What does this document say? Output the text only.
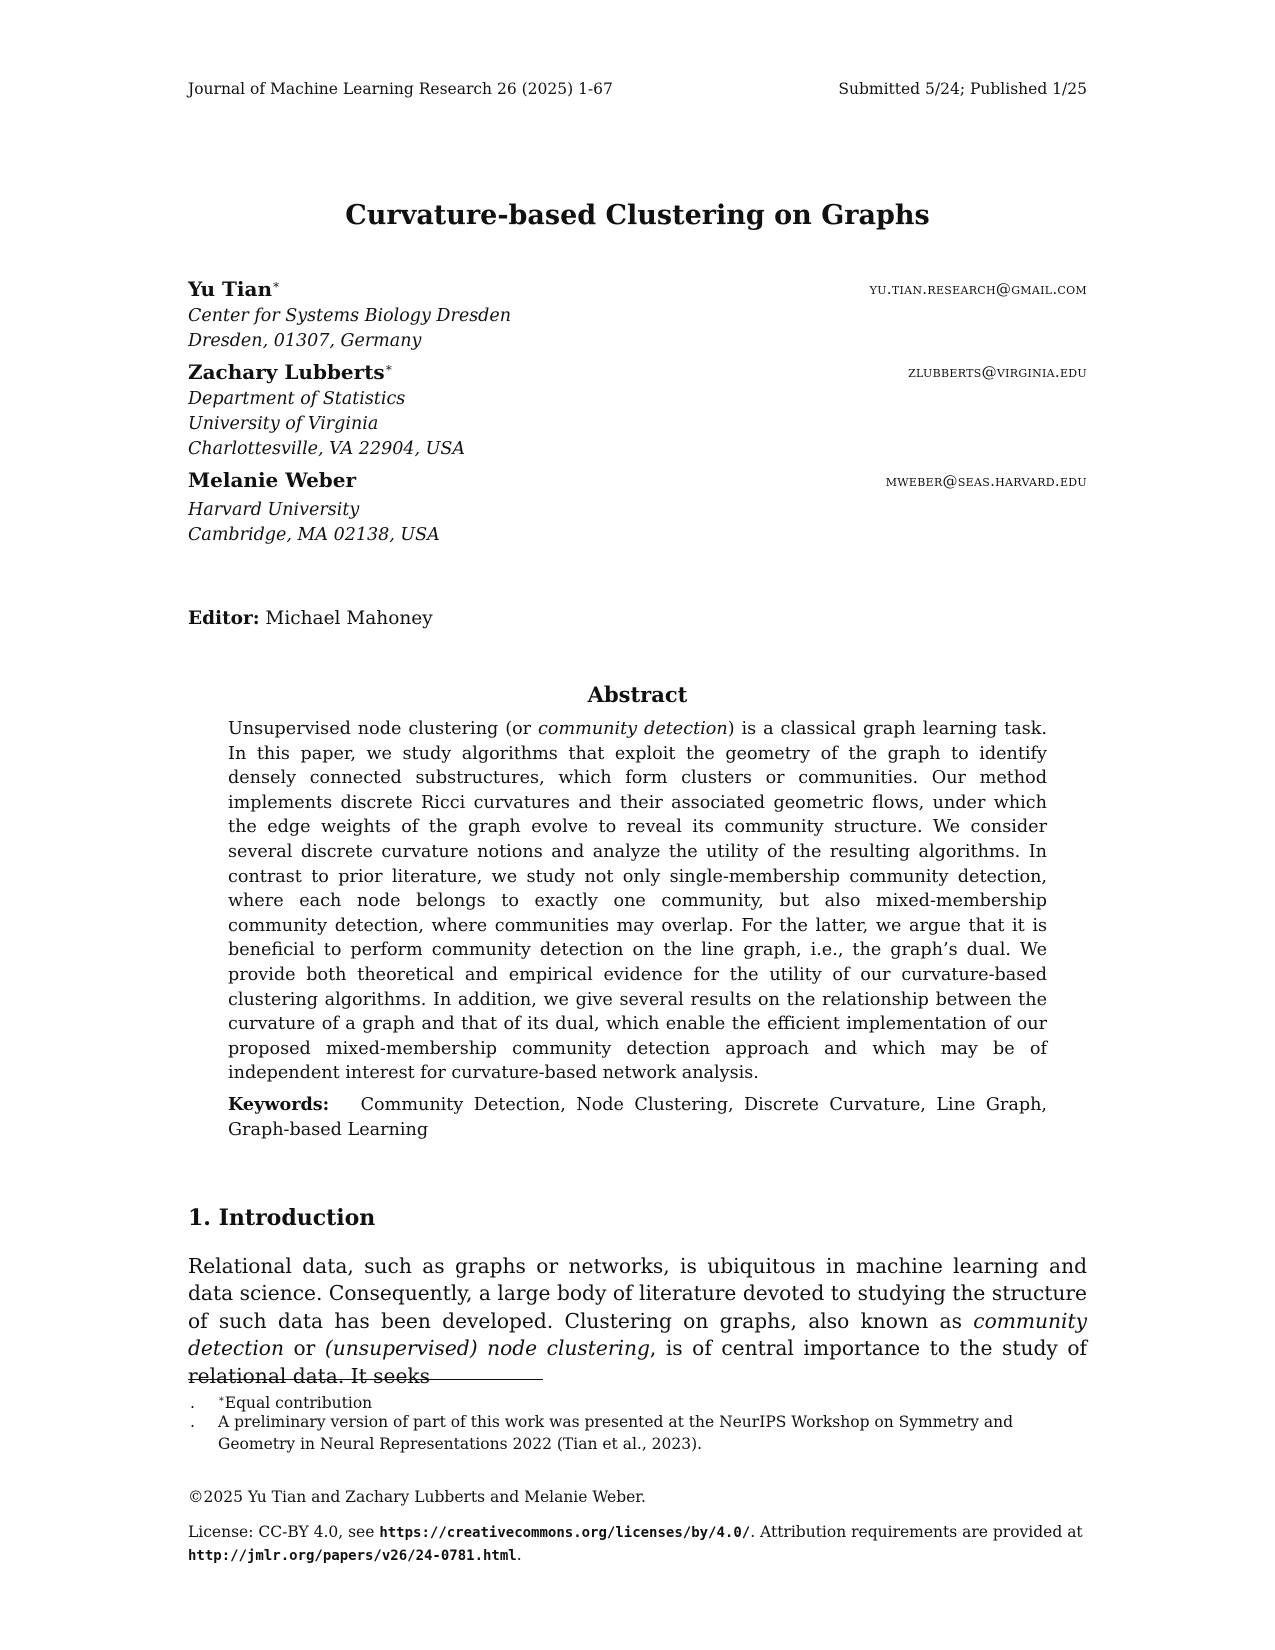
Journal of Machine Learning Research 26 (2025) 1-67	Submitted 5/24; Published 1/25
Curvature-based Clustering on Graphs
Yu Tian∗	yu.tian.research@gmail.com
Center for Systems Biology Dresden
Dresden, 01307, Germany
Zachary Lubberts∗	zlubberts@virginia.edu
Department of Statistics
University of Virginia
Charlottesville, VA 22904, USA
Melanie Weber	mweber@seas.harvard.edu
Harvard University
Cambridge, MA 02138, USA
Editor: Michael Mahoney
Abstract

Unsupervised node clustering (or community detection) is a classical graph learning task. In this paper, we study algorithms that exploit the geometry of the graph to identify densely connected substructures, which form clusters or communities. Our method implements discrete Ricci curvatures and their associated geometric flows, under which the edge weights of the graph evolve to reveal its community structure. We consider several discrete curvature notions and analyze the utility of the resulting algorithms. In contrast to prior literature, we study not only single-membership community detection, where each node belongs to exactly one community, but also mixed-membership community detection, where communities may overlap. For the latter, we argue that it is beneficial to perform community detection on the line graph, i.e., the graph’s dual. We provide both theoretical and empirical evidence for the utility of our curvature-based clustering algorithms. In addition, we give several results on the relationship between the curvature of a graph and that of its dual, which enable the efficient implementation of our proposed mixed-membership community detection approach and which may be of independent interest for curvature-based network analysis.

Keywords: Community Detection, Node Clustering, Discrete Curvature, Line Graph, Graph-based Learning

1. Introduction

Relational data, such as graphs or networks, is ubiquitous in machine learning and data science. Consequently, a large body of literature devoted to studying the structure of such data has been developed. Clustering on graphs, also known as community detection or (unsupervised) node clustering, is of central importance to the study of relational data. It seeks

. ∗Equal contribution

.	A preliminary version of part of this work was presented at the NeurIPS Workshop on Symmetry and Geometry in Neural Representations 2022 (Tian et al., 2023).

©2025 Yu Tian and Zachary Lubberts and Melanie Weber.

License: CC-BY 4.0, see https://creativecommons.org/licenses/by/4.0/. Attribution requirements are provided at http://jmlr.org/papers/v26/24-0781.html.
